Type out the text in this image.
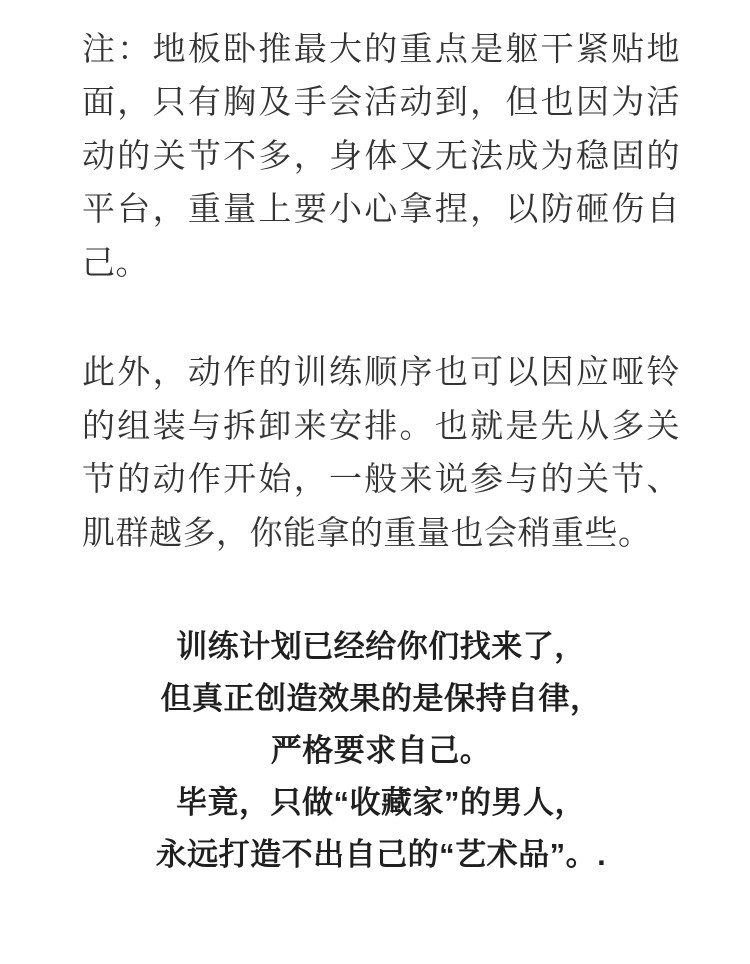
注：地板卧推最大的重点是躯干紧贴地面，只有胸及手会活动到，但也因为活动的关节不多，身体又无法成为稳固的平台，重量上要小心拿捏，以防砸伤自己。

此外，动作的训练顺序也可以因应哑铃的组装与拆卸来安排。也就是先从多关节的动作开始，一般来说参与的关节、肌群越多，你能拿的重量也会稍重些。

训练计划已经给你们找来了，
但真正创造效果的是保持自律，
严格要求自己。
毕竟，只做“收藏家”的男人，
永远打造不出自己的“艺术品”。.
